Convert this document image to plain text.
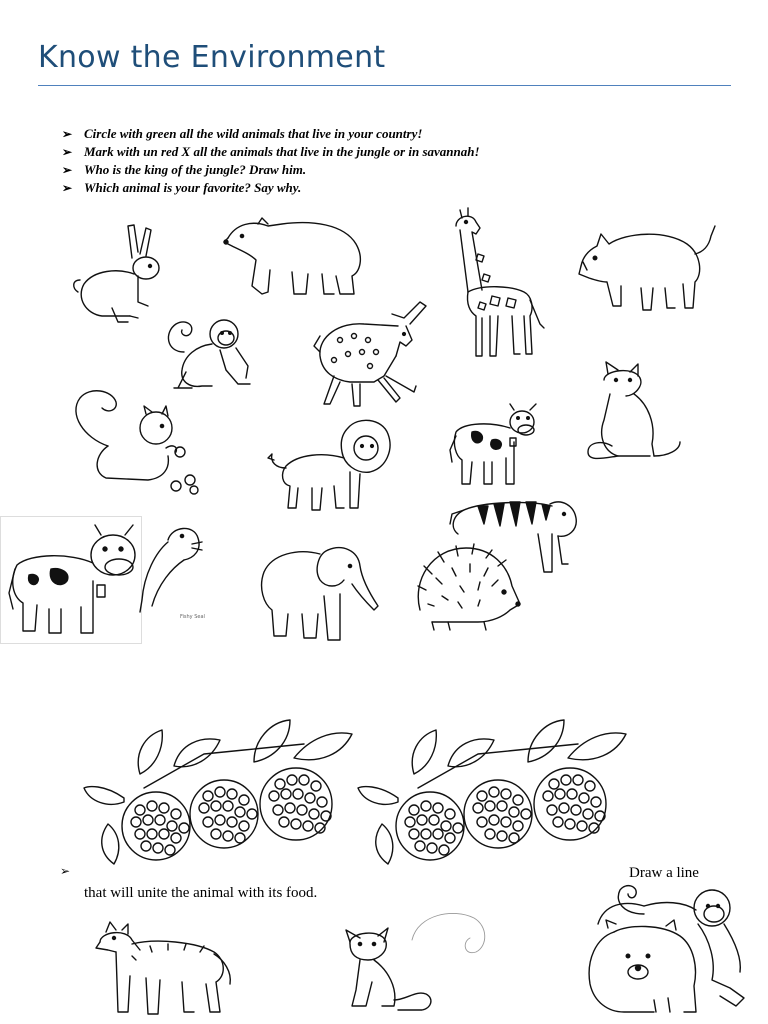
Know the Environment
➢ Circle with green all the wild animals that live in your country!
➢ Mark with un red X all the animals that live in the jungle or in savannah!
➢ Who is the king of the jungle? Draw him.
➢ Which animal is your favorite? Say why.
Fishy Seal
➢	Draw a line
that will unite the animal with its food.
